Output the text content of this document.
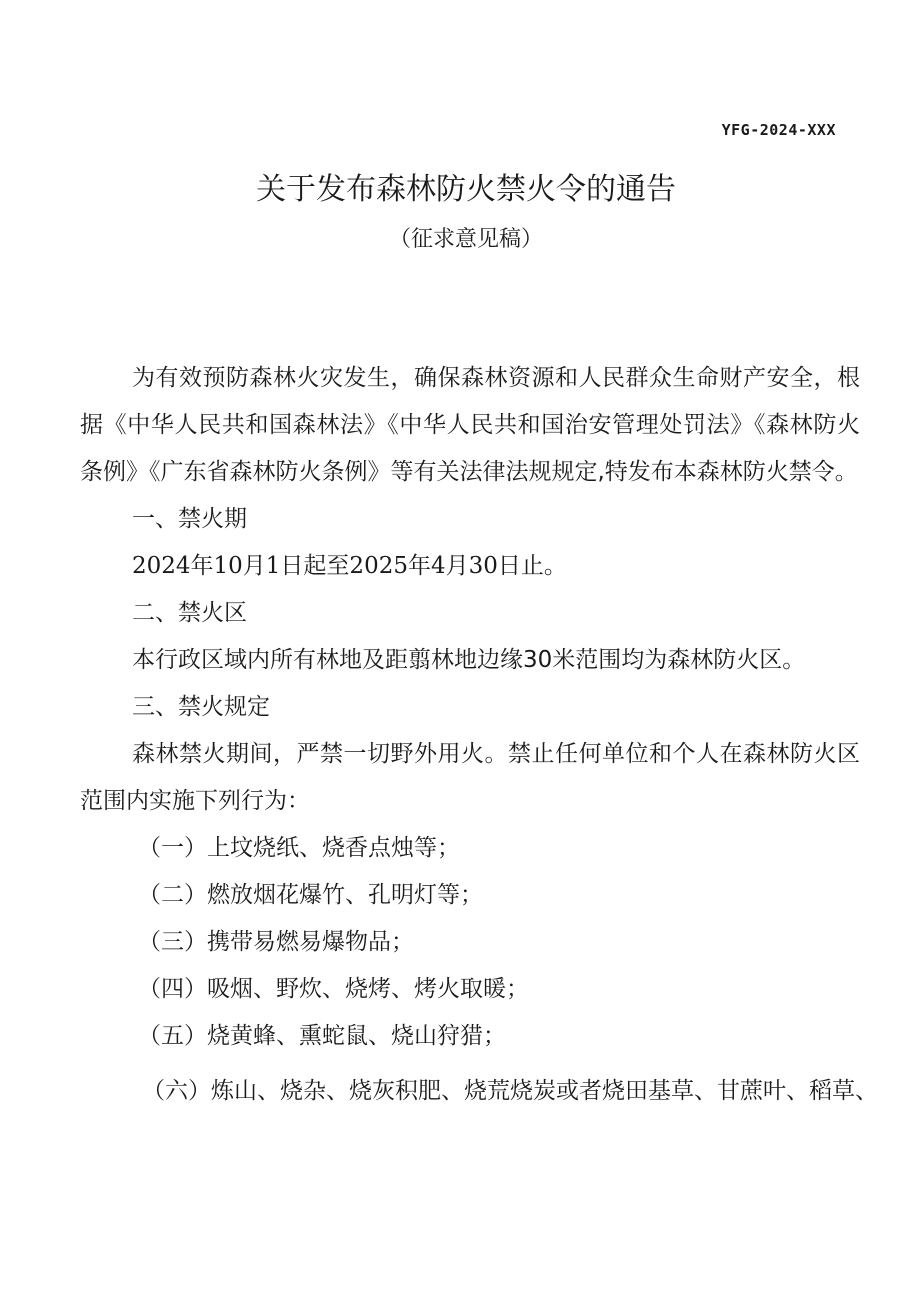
YFG-2024-XXX
关于发布森林防火禁火令的通告
（征求意见稿）

为有效预防森林火灾发生，确保森林资源和人民群众生命财产安全，根据《中华人民共和国森林法》《中华人民共和国治安管理处罚法》《森林防火条例》《广东省森林防火条例》等有关法律法规规定,特发布本森林防火禁令。

一、禁火期

2024年10月1日起至2025年4月30日止。

二、禁火区

本行政区域内所有林地及距翦林地边缘30米范围均为森林防火区。

三、禁火规定

森林禁火期间，严禁一切野外用火。禁止任何单位和个人在森林防火区范围内实施下列行为：

（一）上坟烧纸、烧香点烛等；

（二）燃放烟花爆竹、孔明灯等；

（三）携带易燃易爆物品；

（四）吸烟、野炊、烧烤、烤火取暖；

（五）烧黄蜂、熏蛇鼠、烧山狩猎；

（六）炼山、烧杂、烧灰积肥、烧荒烧炭或者烧田基草、甘蔗叶、稻草、
